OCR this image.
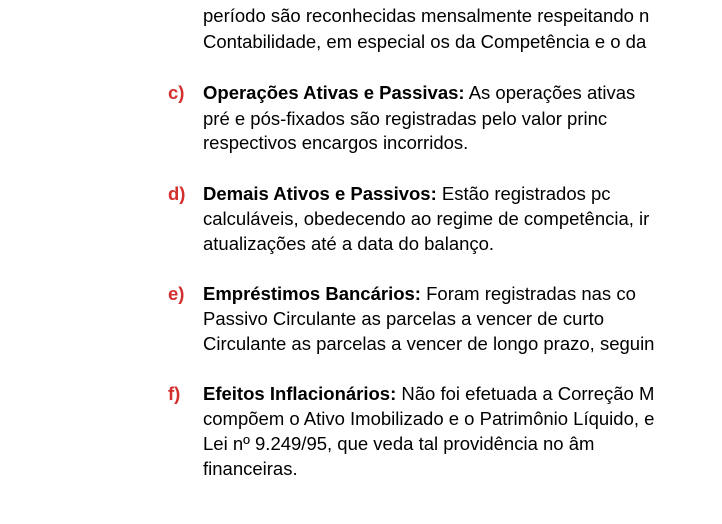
período são reconhecidas mensalmente respeitando n
Contabilidade, em especial os da Competência e o da
c) Operações Ativas e Passivas: As operações ativas
pré e pós-fixados são registradas pelo valor princ
respectivos encargos incorridos.
d) Demais Ativos e Passivos: Estão registrados pc
calculáveis, obedecendo ao regime de competência, ir
atualizações até a data do balanço.
e) Empréstimos Bancários: Foram registradas nas co
Passivo Circulante as parcelas a vencer de curto
Circulante as parcelas a vencer de longo prazo, seguin
f) Efeitos Inflacionários: Não foi efetuada a Correção M
compõem o Ativo Imobilizado e o Patrimônio Líquido, e
Lei nº 9.249/95, que veda tal providência no âm
financeiras.
